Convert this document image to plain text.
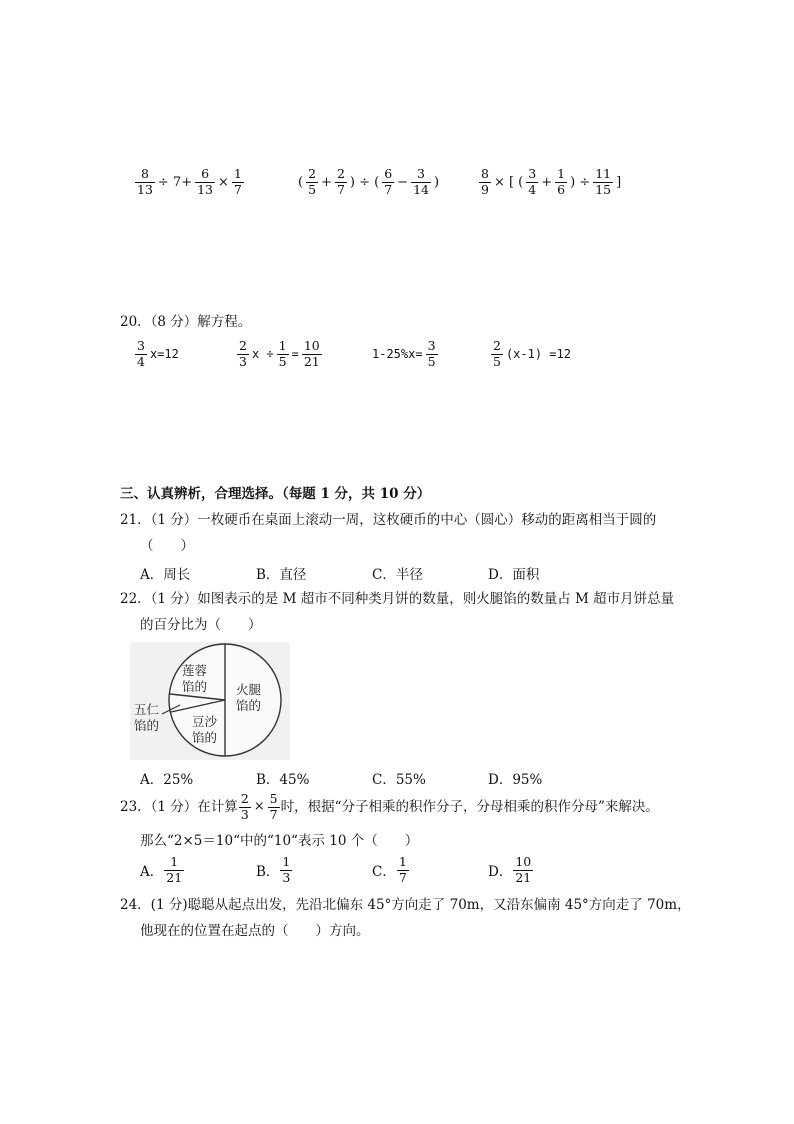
$\frac{8}{13} \div 7+ \frac{6}{13} \times \frac{1}{7}$	( $\frac{2}{5} + \frac{2}{7}$ ) ÷ ( $\frac{6}{7} - \frac{3}{14}$ )	$\frac{8}{9}$ × [ ( $\frac{3}{4} + \frac{1}{6}$ ) ÷ $\frac{11}{15}$ ]
20．（8 分）解方程。
$\frac{3}{4} x=12$	$\frac{2}{3}$ $x \div \frac{1}{5} = \frac{10}{21}$	$1-25\%x= \frac{3}{5}$	$\frac{2}{5} (x-1) =12$
三、认真辨析，合理选择。（每题 1 分，共 10 分）
21．（1 分）一枚硬币在桌面上滚动一周，这枚硬币的中心（圆心）移动的距离相当于圆的
（　　）
A．周长	B．直径	C．半径	D．面积
22．（1 分）如图表示的是 M 超市不同种类月饼的数量，则火腿馅的数量占 M 超市月饼总量
的百分比为（　　）
莲蓉
馅的 火腿
馅的
五仁
馅的	豆沙
馅的
A．25%	B．45%	C．55%	D．95%
23．（1 分）在计算 $\frac{2}{3} \times \frac{5}{7}$ 时，根据“分子相乘的积作分子，分母相乘的积作分母”来解决。
那么“2×5＝10“中的“10“表示 10 个（　　）
A． $\frac{1}{21}$	B． $\frac{1}{3}$	C． $\frac{1}{7}$	D． $\frac{10}{21}$
24．(1 分)聪聪从起点出发，先沿北偏东 45°方向走了 70m，又沿东偏南 45°方向走了 70m，
他现在的位置在起点的（　　）方向。
